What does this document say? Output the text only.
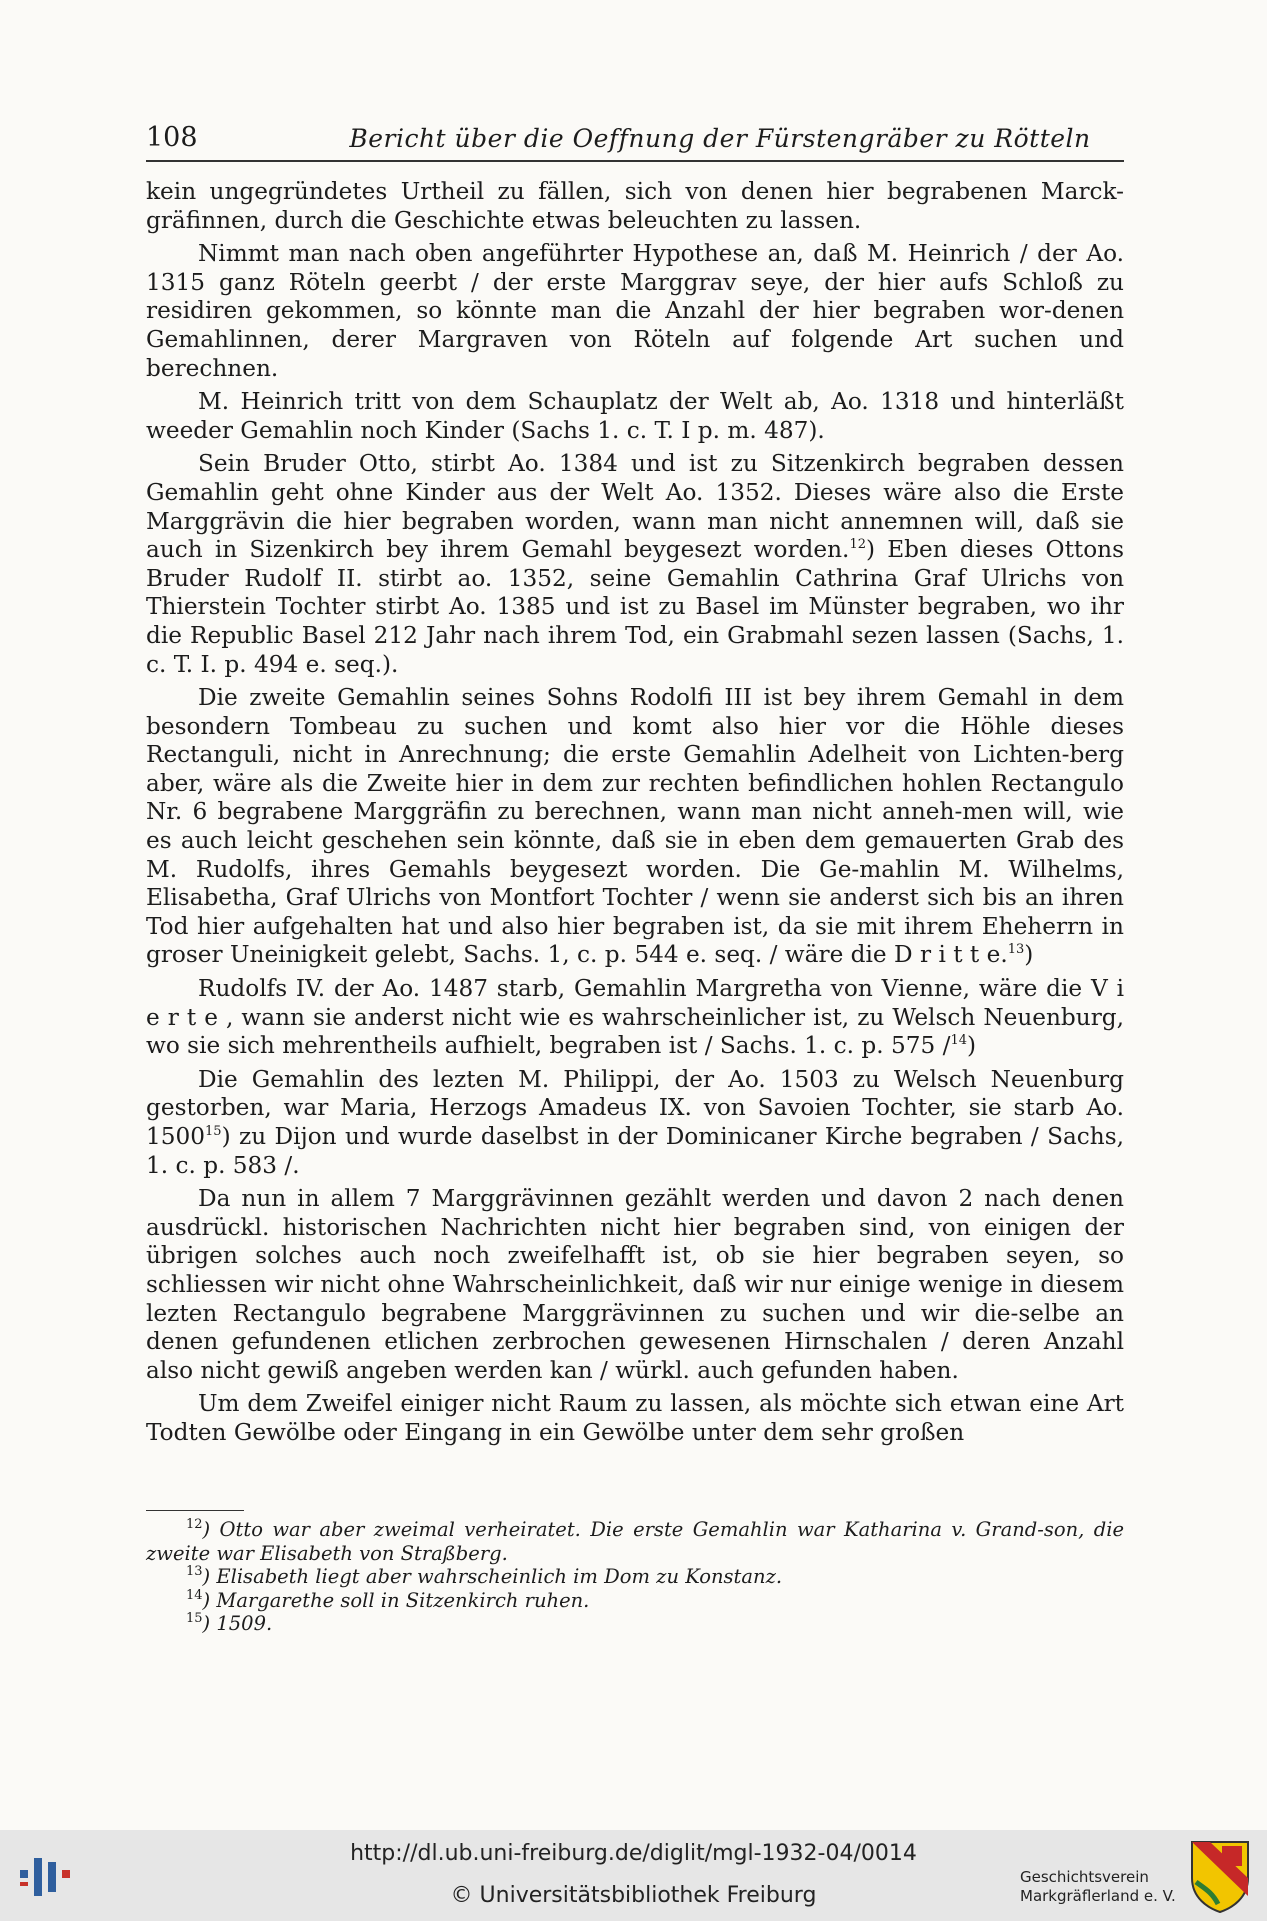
108	Bericht über die Oeffnung der Fürstengräber zu Rötteln

kein ungegründetes Urtheil zu fällen, sich von denen hier begrabenen Marck-gräfinnen, durch die Geschichte etwas beleuchten zu lassen.

Nimmt man nach oben angeführter Hypothese an, daß M. Heinrich / der Ao. 1315 ganz Röteln geerbt / der erste Marggrav seye, der hier aufs Schloß zu residiren gekommen, so könnte man die Anzahl der hier begraben wor-denen Gemahlinnen, derer Margraven von Röteln auf folgende Art suchen und berechnen.

M. Heinrich tritt von dem Schauplatz der Welt ab, Ao. 1318 und hinterläßt weeder Gemahlin noch Kinder (Sachs 1. c. T. I p. m. 487).

Sein Bruder Otto, stirbt Ao. 1384 und ist zu Sitzenkirch begraben dessen Gemahlin geht ohne Kinder aus der Welt Ao. 1352. Dieses wäre also die Erste Marggrävin die hier begraben worden, wann man nicht annemnen will, daß sie auch in Sizenkirch bey ihrem Gemahl beygesezt worden.$^{12}$) Eben dieses Ottons Bruder Rudolf II. stirbt ao. 1352, seine Gemahlin Cathrina Graf Ulrichs von Thierstein Tochter stirbt Ao. 1385 und ist zu Basel im Münster begraben, wo ihr die Republic Basel 212 Jahr nach ihrem Tod, ein Grabmahl sezen lassen (Sachs, 1. c. T. I. p. 494 e. seq.).

Die zweite Gemahlin seines Sohns Rodolfi III ist bey ihrem Gemahl in dem besondern Tombeau zu suchen und komt also hier vor die Höhle dieses Rectanguli, nicht in Anrechnung; die erste Gemahlin Adelheit von Lichten-berg aber, wäre als die Zweite hier in dem zur rechten befindlichen hohlen Rectangulo Nr. 6 begrabene Marggräfin zu berechnen, wann man nicht anneh-men will, wie es auch leicht geschehen sein könnte, daß sie in eben dem gemauerten Grab des M. Rudolfs, ihres Gemahls beygesezt worden. Die Ge-mahlin M. Wilhelms, Elisabetha, Graf Ulrichs von Montfort Tochter / wenn sie anderst sich bis an ihren Tod hier aufgehalten hat und also hier begraben ist, da sie mit ihrem Eheherrn in groser Uneinigkeit gelebt, Sachs. 1, c. p. 544 e. seq. / wäre die D r i t t e.$^{13}$)

Rudolfs IV. der Ao. 1487 starb, Gemahlin Margretha von Vienne, wäre die V i e r t e , wann sie anderst nicht wie es wahrscheinlicher ist, zu Welsch Neuenburg, wo sie sich mehrentheils aufhielt, begraben ist / Sachs. 1. c. p. 575 /$^{14}$)

Die Gemahlin des lezten M. Philippi, der Ao. 1503 zu Welsch Neuenburg gestorben, war Maria, Herzogs Amadeus IX. von Savoien Tochter, sie starb Ao. 1500$^{15}$) zu Dijon und wurde daselbst in der Dominicaner Kirche begraben / Sachs, 1. c. p. 583 /.

Da nun in allem 7 Marggrävinnen gezählt werden und davon 2 nach denen ausdrückl. historischen Nachrichten nicht hier begraben sind, von einigen der übrigen solches auch noch zweifelhafft ist, ob sie hier begraben seyen, so schliessen wir nicht ohne Wahrscheinlichkeit, daß wir nur einige wenige in diesem lezten Rectangulo begrabene Marggrävinnen zu suchen und wir die-selbe an denen gefundenen etlichen zerbrochen gewesenen Hirnschalen / deren Anzahl also nicht gewiß angeben werden kan / würkl. auch gefunden haben.

Um dem Zweifel einiger nicht Raum zu lassen, als möchte sich etwan eine Art Todten Gewölbe oder Eingang in ein Gewölbe unter dem sehr großen

$^{12}$) Otto war aber zweimal verheiratet. Die erste Gemahlin war Katharina v. Grand-son, die zweite war Elisabeth von Straßberg.

$^{13}$) Elisabeth liegt aber wahrscheinlich im Dom zu Konstanz.

$^{14}$) Margarethe soll in Sitzenkirch ruhen.

$^{15}$) 1509.

http://dl.ub.uni-freiburg.de/diglit/mgl-1932-04/0014
© Universitätsbibliothek Freiburg
Geschichtsverein
Markgräflerland e. V.
